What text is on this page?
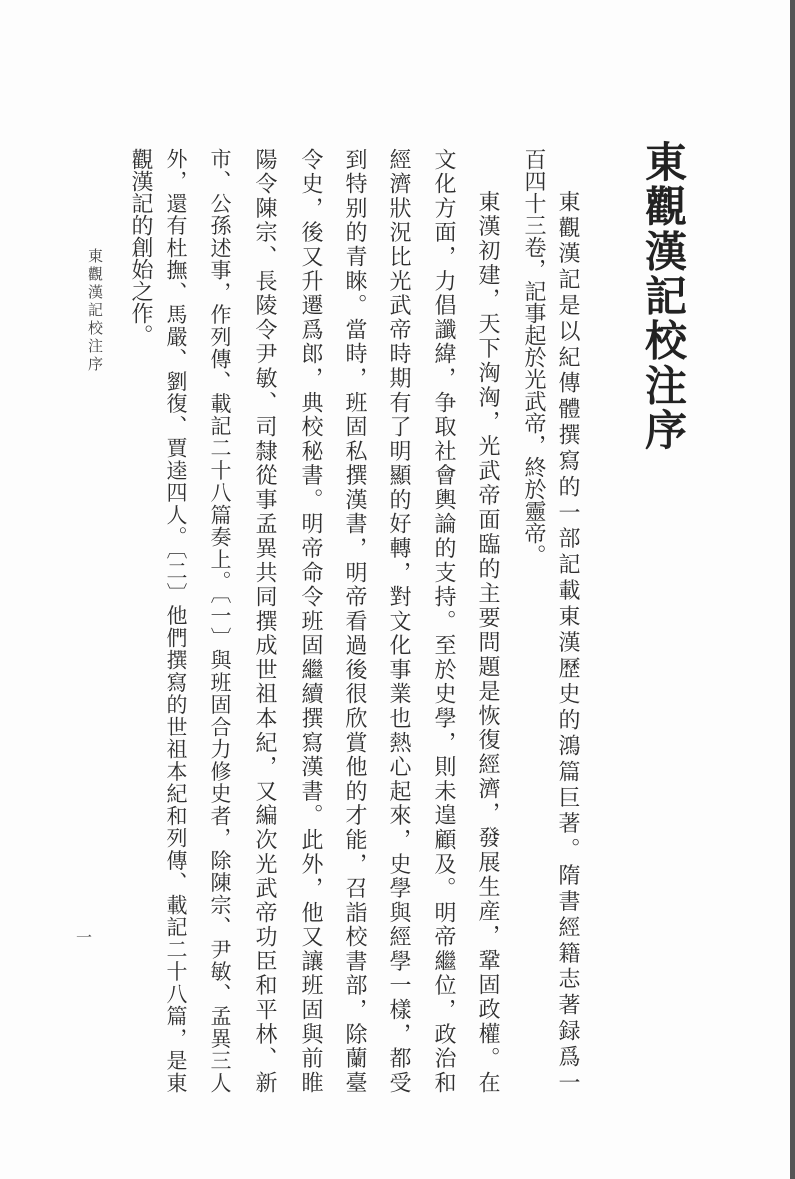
東觀漢記校注序
東觀漢記是以紀傳體撰寫的一部記載東漢歷史的鴻篇巨著。隋書經籍志著録爲一
百四十三卷，記事起於光武帝，終於靈帝。
東漢初建，天下洶洶，光武帝面臨的主要問題是恢復經濟，發展生産，鞏固政權。在
文化方面，力倡讖緯，争取社會輿論的支持。至於史學，則未遑顧及。明帝繼位，政治和
經濟狀況比光武帝時期有了明顯的好轉，對文化事業也熱心起來，史學與經學一樣，都受
到特别的青睞。當時，班固私撰漢書，明帝看過後很欣賞他的才能，召詣校書部，除蘭臺
令史，後又升遷爲郎，典校秘書。明帝命令班固繼續撰寫漢書。此外，他又讓班固與前睢
陽令陳宗、長陵令尹敏、司隸從事孟異共同撰成世祖本紀，又編次光武帝功臣和平林、新
市、公孫述事，作列傳、載記二十八篇奏上。〔一〕與班固合力修史者，除陳宗、尹敏、孟異三人
外，還有杜撫、馬嚴、劉復、賈逵四人。〔二〕他們撰寫的世祖本紀和列傳、載記二十八篇，是東
觀漢記的創始之作。
東觀漢記校注序
一
